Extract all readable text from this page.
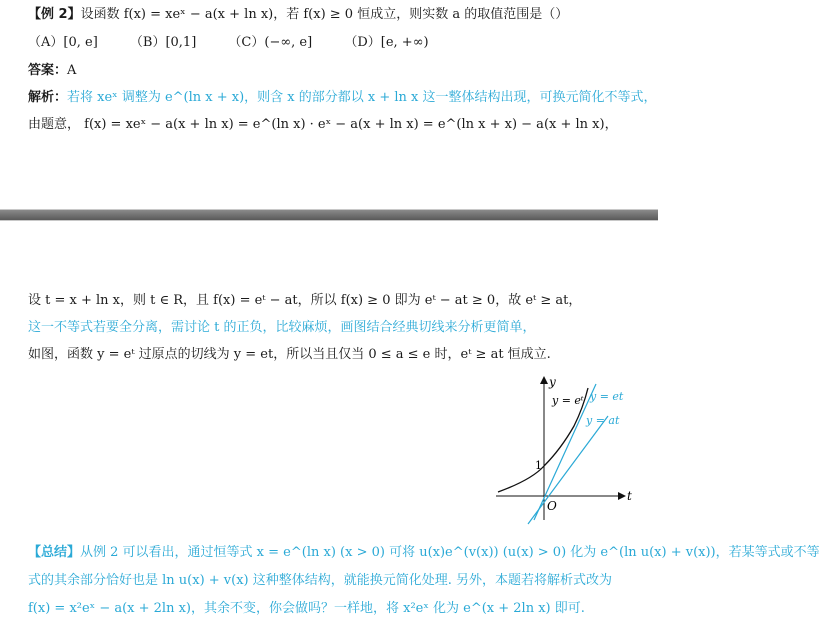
【例 2】设函数 f(x) = xeˣ − a(x + ln x)，若 f(x) ≥ 0 恒成立，则实数 a 的取值范围是（）
（A）[0, e] （B）[0,1] （C）(−∞, e] （D）[e, +∞)
答案：A
解析：若将 xeˣ 调整为 e^(ln x + x)，则含 x 的部分都以 x + ln x 这一整体结构出现，可换元简化不等式，
由题意， f(x) = xeˣ − a(x + ln x) = e^(ln x) · eˣ − a(x + ln x) = e^(ln x + x) − a(x + ln x)，
设 t = x + ln x，则 t ∈ R，且 f(x) = eᵗ − at，所以 f(x) ≥ 0 即为 eᵗ − at ≥ 0，故 eᵗ ≥ at，
这一不等式若要全分离，需讨论 t 的正负，比较麻烦，画图结合经典切线来分析更简单，
如图，函数 y = eᵗ 过原点的切线为 y = et，所以当且仅当 0 ≤ a ≤ e 时，eᵗ ≥ at 恒成立.
y
t
O
1
y = eᵗ y = et
y = at
【总结】从例 2 可以看出，通过恒等式 x = e^(ln x) (x > 0) 可将 u(x)e^(v(x)) (u(x) > 0) 化为 e^(ln u(x) + v(x))，若某等式或不等
式的其余部分恰好也是 ln u(x) + v(x) 这种整体结构，就能换元简化处理. 另外，本题若将解析式改为
f(x) = x²eˣ − a(x + 2ln x)，其余不变，你会做吗？一样地，将 x²eˣ 化为 e^(x + 2ln x) 即可.
